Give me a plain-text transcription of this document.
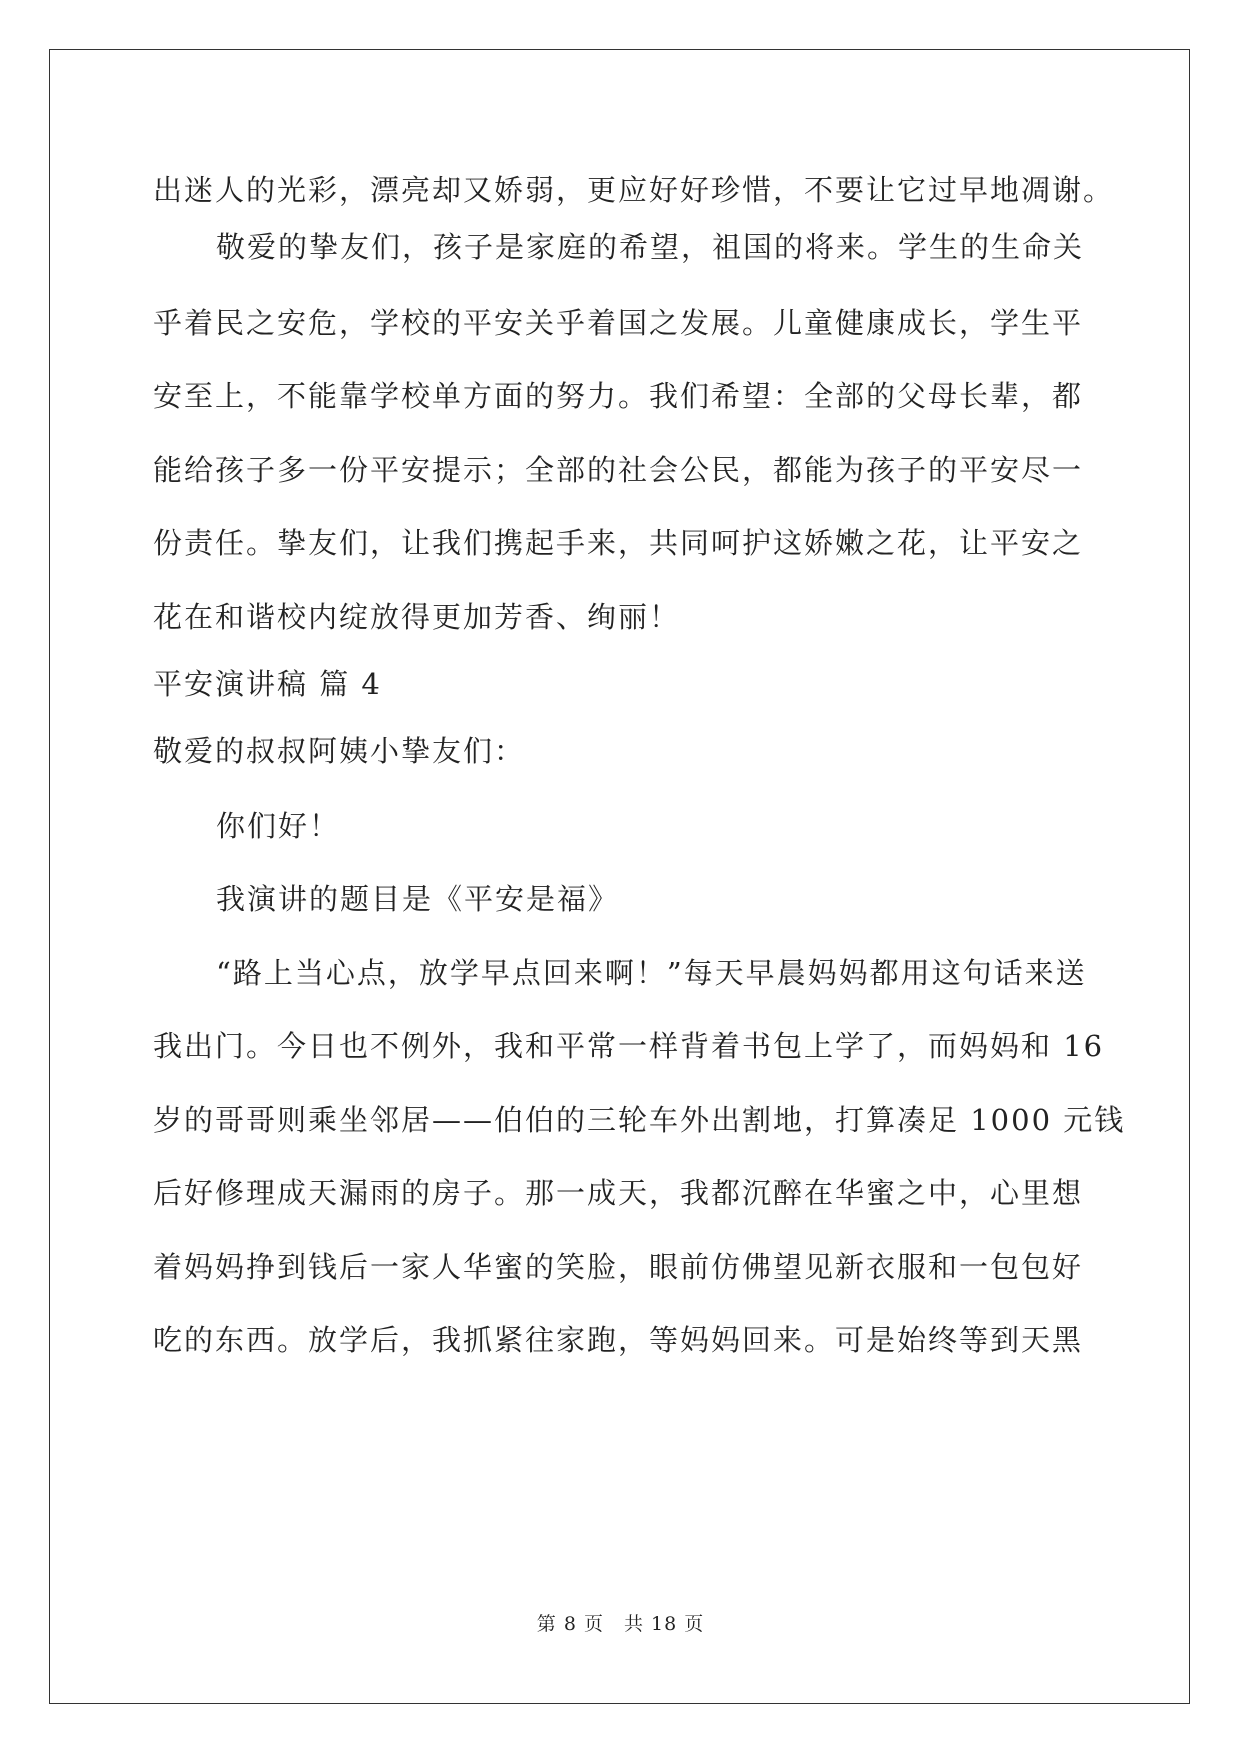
出迷人的光彩，漂亮却又娇弱，更应好好珍惜，不要让它过早地凋谢。
敬爱的挚友们，孩子是家庭的希望，祖国的将来。学生的生命关
乎着民之安危，学校的平安关乎着国之发展。儿童健康成长，学生平
安至上，不能靠学校单方面的努力。我们希望：全部的父母长辈，都
能给孩子多一份平安提示；全部的社会公民，都能为孩子的平安尽一
份责任。挚友们，让我们携起手来，共同呵护这娇嫩之花，让平安之
花在和谐校内绽放得更加芳香、绚丽！
平安演讲稿 篇 4
敬爱的叔叔阿姨小挚友们：
你们好！
我演讲的题目是《平安是福》
“路上当心点，放学早点回来啊！”每天早晨妈妈都用这句话来送
我出门。今日也不例外，我和平常一样背着书包上学了，而妈妈和 16
岁的哥哥则乘坐邻居——伯伯的三轮车外出割地，打算凑足 1000 元钱
后好修理成天漏雨的房子。那一成天，我都沉醉在华蜜之中，心里想
着妈妈挣到钱后一家人华蜜的笑脸，眼前仿佛望见新衣服和一包包好
吃的东西。放学后，我抓紧往家跑，等妈妈回来。可是始终等到天黑
第 8 页　共 18 页
